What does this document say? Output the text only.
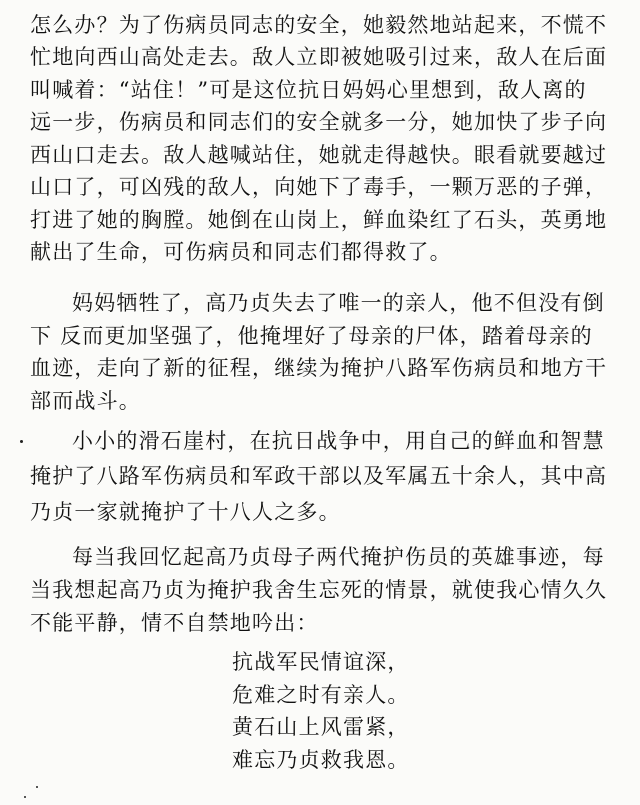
怎么办？为了伤病员同志的安全，她毅然地站起来，不慌不
忙地向西山高处走去。敌人立即被她吸引过来，敌人在后面
叫喊着：“站住！”可是这位抗日妈妈心里想到，敌人离的
远一步，伤病员和同志们的安全就多一分，她加快了步子向
西山口走去。敌人越喊站住，她就走得越快。眼看就要越过
山口了，可凶残的敌人，向她下了毒手，一颗万恶的子弹，
打进了她的胸膛。她倒在山岗上，鲜血染红了石头，英勇地
献出了生命，可伤病员和同志们都得救了。
妈妈牺牲了，高乃贞失去了唯一的亲人，他不但没有倒
下 反而更加坚强了，他掩埋好了母亲的尸体，踏着母亲的
血迹，走向了新的征程，继续为掩护八路军伤病员和地方干
部而战斗。
小小的滑石崖村，在抗日战争中，用自己的鲜血和智慧
掩护了八路军伤病员和军政干部以及军属五十余人，其中高
乃贞一家就掩护了十八人之多。
每当我回忆起高乃贞母子两代掩护伤员的英雄事迹，每
当我想起高乃贞为掩护我舍生忘死的情景，就使我心情久久
不能平静，情不自禁地吟出：
抗战军民情谊深，
危难之时有亲人。
黄石山上风雷紧，
难忘乃贞救我恩。
